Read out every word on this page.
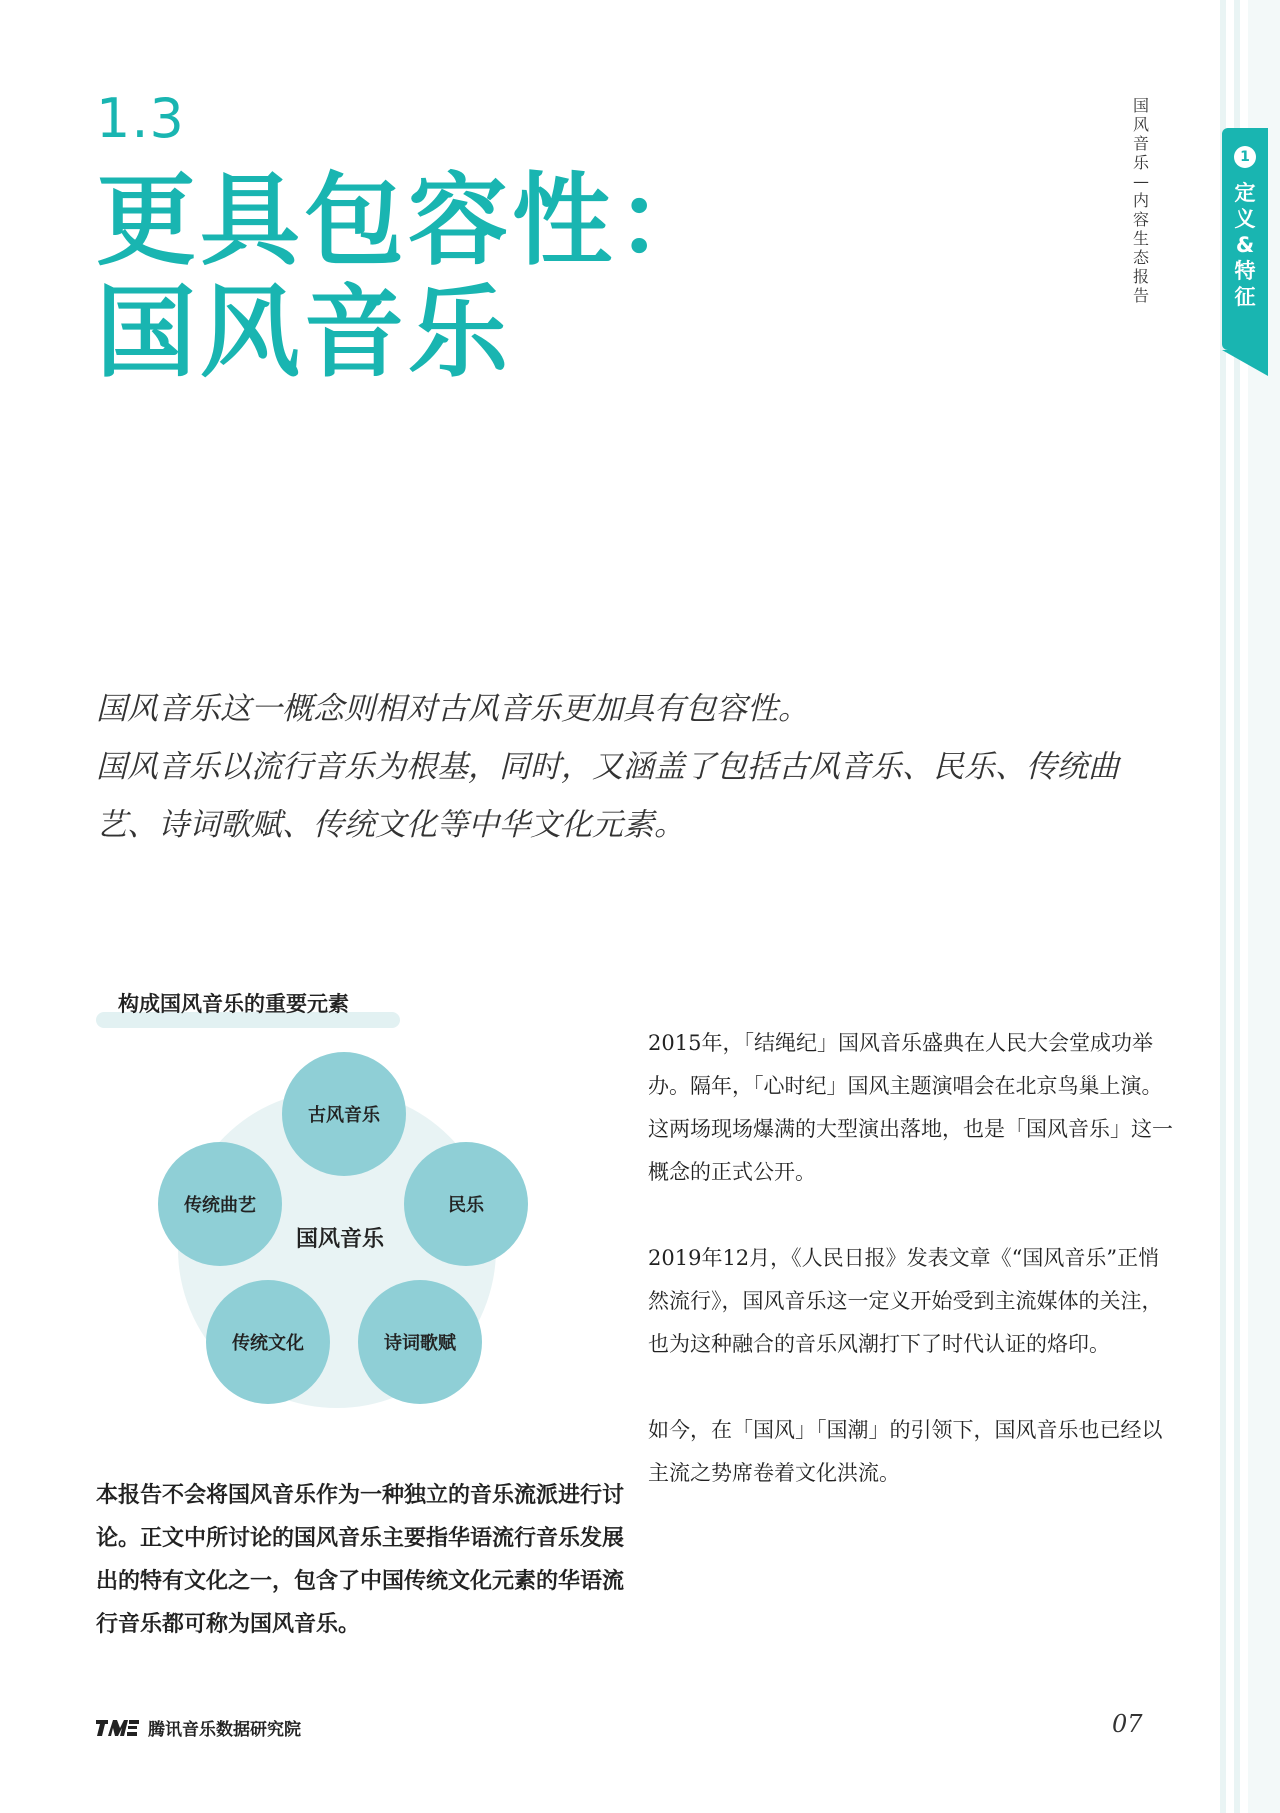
1.3
更具包容性：
国风音乐
国风音乐—内容生态报告
1
定义&特征

国风音乐这一概念则相对古风音乐更加具有包容性。

国风音乐以流行音乐为根基，同时，又涵盖了包括古风音乐、民乐、传统曲艺、诗词歌赋、传统文化等中华文化元素。

构成国风音乐的重要元素
国风音乐
古风音乐
民乐
诗词歌赋
传统文化
传统曲艺

本报告不会将国风音乐作为一种独立的音乐流派进行讨论。正文中所讨论的国风音乐主要指华语流行音乐发展出的特有文化之一，包含了中国传统文化元素的华语流行音乐都可称为国风音乐。

2015年，「结绳纪」国风音乐盛典在人民大会堂成功举办。隔年，「心时纪」国风主题演唱会在北京鸟巢上演。这两场现场爆满的大型演出落地，也是「国风音乐」这一概念的正式公开。

2019年12月，《人民日报》发表文章《“国风音乐”正悄然流行》，国风音乐这一定义开始受到主流媒体的关注，也为这种融合的音乐风潮打下了时代认证的烙印。

如今，在「国风」「国潮」的引领下，国风音乐也已经以主流之势席卷着文化洪流。

腾讯音乐数据研究院	07
